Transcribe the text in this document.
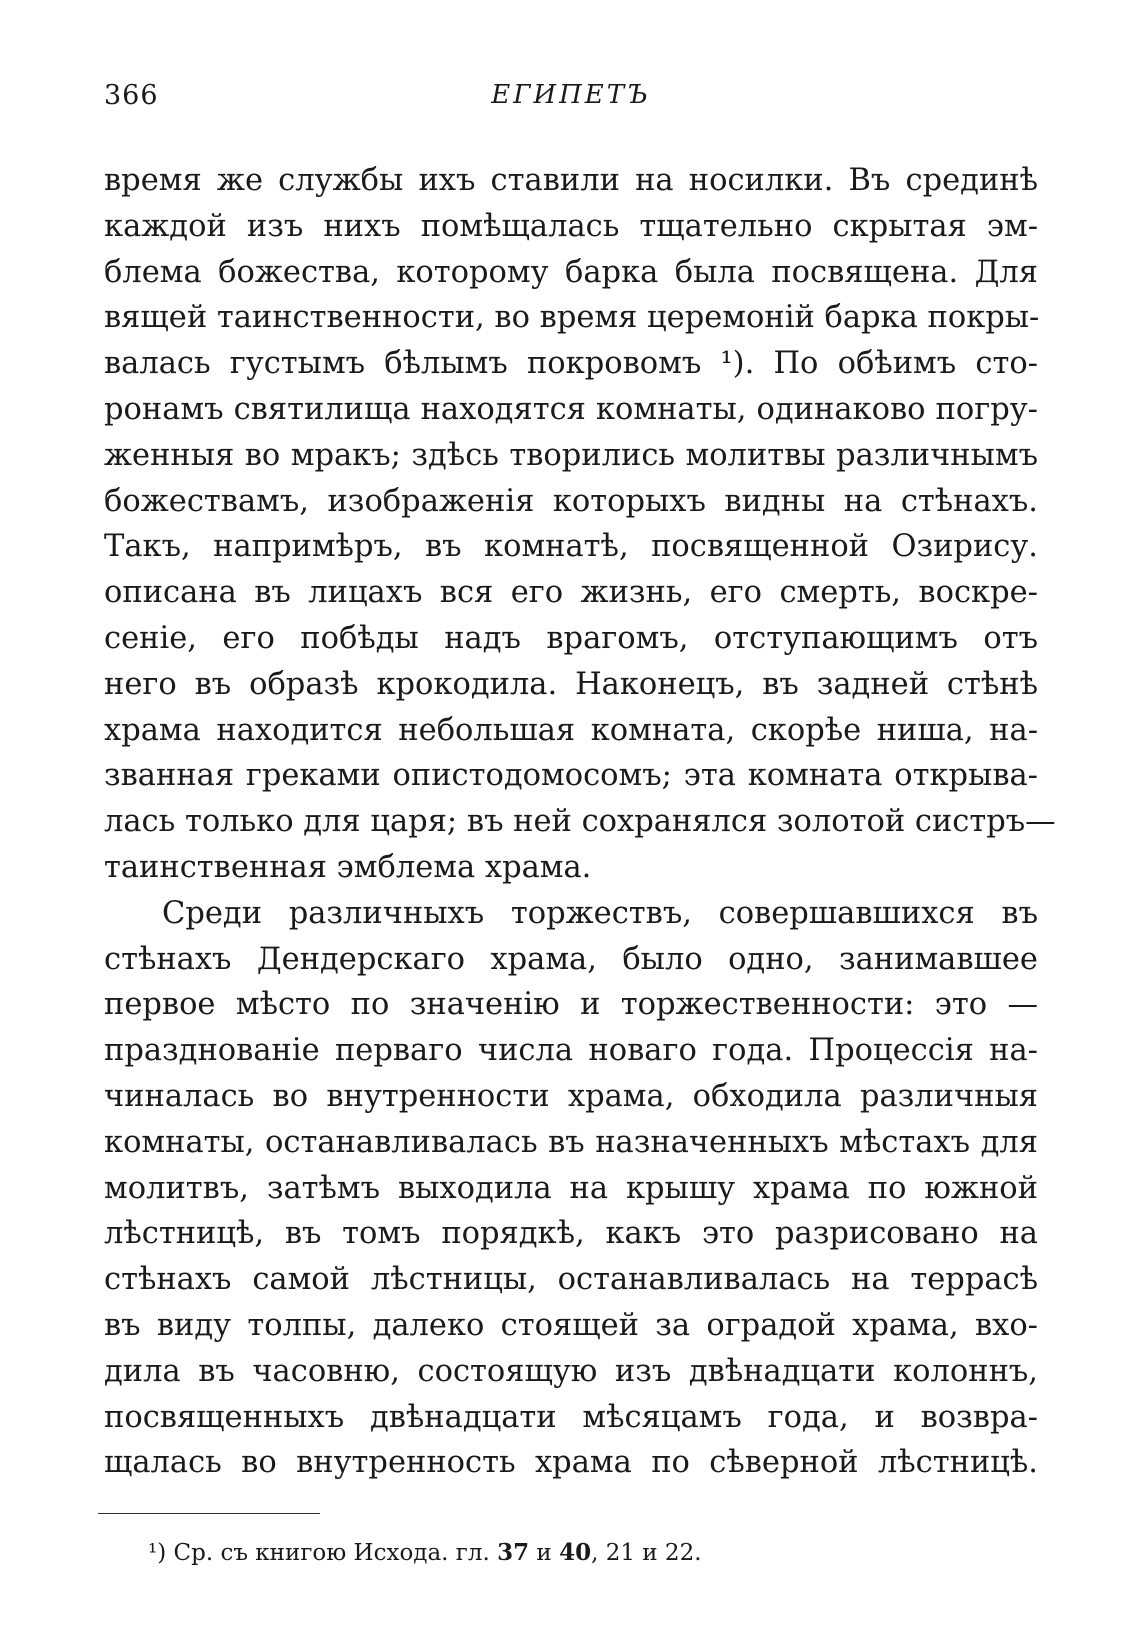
366	ЕГИПЕТЪ
время же службы ихъ ставили на носилки. Въ срединѣ
каждой изъ нихъ помѣщалась тщательно скрытая эм-
блема божества, которому барка была посвящена. Для
вящей таинственности, во время церемоній барка покры-
валась густымъ бѣлымъ покровомъ ¹). По обѣимъ сто-
ронамъ святилища находятся комнаты, одинаково погру-
женныя во мракъ; здѣсь творились молитвы различнымъ
божествамъ, изображенія которыхъ видны на стѣнахъ.
Такъ, напримѣръ, въ комнатѣ, посвященной Озирису.
описана въ лицахъ вся его жизнь, его смерть, воскре-
сеніе, его побѣды надъ врагомъ, отступающимъ отъ
него въ образѣ крокодила. Наконецъ, въ задней стѣнѣ
храма находится небольшая комната, скорѣе ниша, на-
званная греками опистодомосомъ; эта комната открыва-
лась только для царя; въ ней сохранялся золотой систръ—
таинственная эмблема храма.
Среди различныхъ торжествъ, совершавшихся въ
стѣнахъ Дендерскаго храма, было одно, занимавшее
первое мѣсто по значенію и торжественности: это —
празднованіе перваго числа новаго года. Процессія на-
чиналась во внутренности храма, обходила различныя
комнаты, останавливалась въ назначенныхъ мѣстахъ для
молитвъ, затѣмъ выходила на крышу храма по южной
лѣстницѣ, въ томъ порядкѣ, какъ это разрисовано на
стѣнахъ самой лѣстницы, останавливалась на террасѣ
въ виду толпы, далеко стоящей за оградой храма, вхо-
дила въ часовню, состоящую изъ двѣнадцати колоннъ,
посвященныхъ двѣнадцати мѣсяцамъ года, и возвра-
щалась во внутренность храма по сѣверной лѣстницѣ.
¹) Ср. съ книгою Исхода. гл. 37 и 40, 21 и 22.
